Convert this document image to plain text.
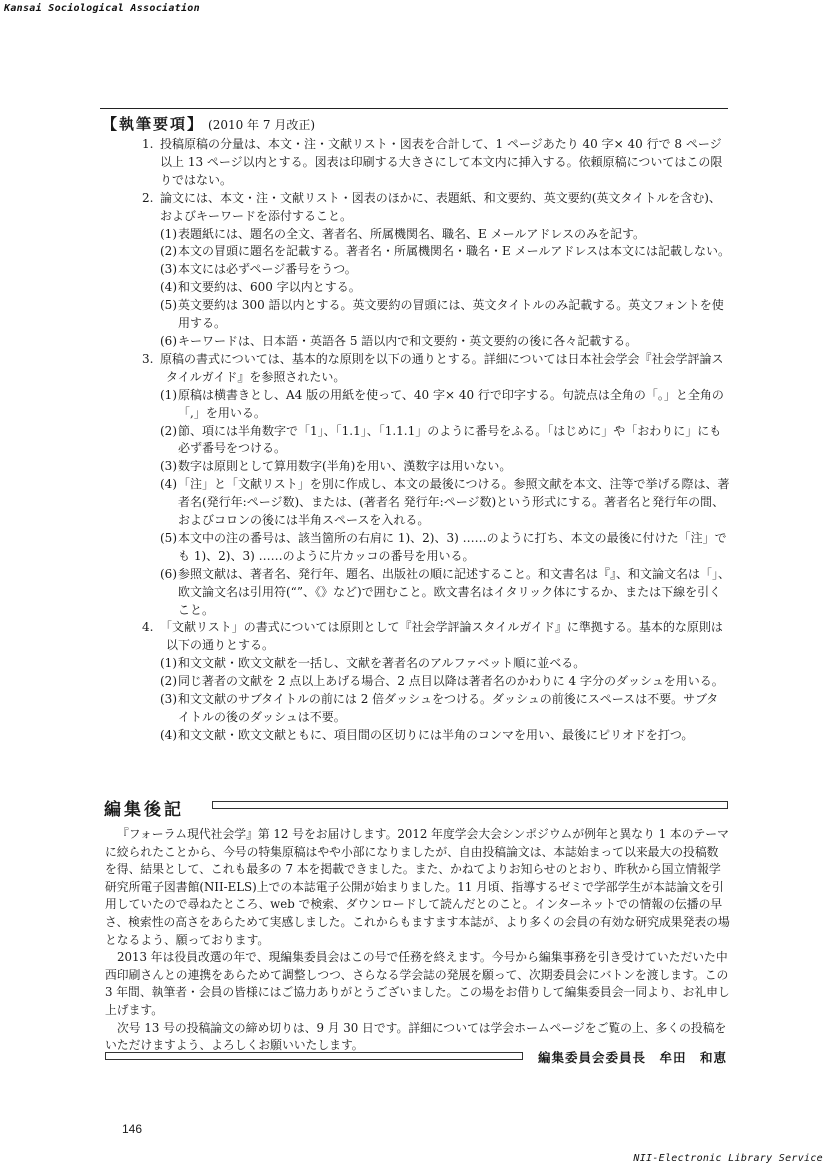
Kansai Sociological Association
【執筆要項】 (2010 年 7 月改正)
1. 投稿原稿の分量は、本文・注・文献リスト・図表を合計して、1 ページあたり 40 字× 40 行で 8 ページ以上 13 ページ以内とする。図表は印刷する大きさにして本文内に挿入する。依頼原稿についてはこの限りではない。
2. 論文には、本文・注・文献リスト・図表のほかに、表題紙、和文要約、英文要約(英文タイトルを含む)、およびキーワードを添付すること。
(1)表題紙には、題名の全文、著者名、所属機関名、職名、E メールアドレスのみを記す。
(2)本文の冒頭に題名を記載する。著者名・所属機関名・職名・E メールアドレスは本文には記載しない。
(3)本文には必ずページ番号をうつ。
(4)和文要約は、600 字以内とする。
(5)英文要約は 300 語以内とする。英文要約の冒頭には、英文タイトルのみ記載する。英文フォントを使用する。
(6)キーワードは、日本語・英語各 5 語以内で和文要約・英文要約の後に各々記載する。
3. 原稿の書式については、基本的な原則を以下の通りとする。詳細については日本社会学会『社会学評論スタイルガイド』を参照されたい。
(1)原稿は横書きとし、A4 版の用紙を使って、40 字× 40 行で印字する。句読点は全角の「。」と全角の「,」を用いる。
(2)節、項には半角数字で「1」、「1.1」、「1.1.1」のように番号をふる。「はじめに」や「おわりに」にも必ず番号をつける。
(3)数字は原則として算用数字(半角)を用い、漢数字は用いない。
(4)「注」と「文献リスト」を別に作成し、本文の最後につける。参照文献を本文、注等で挙げる際は、著者名(発行年:ページ数)、または、(著者名 発行年:ページ数)という形式にする。著者名と発行年の間、およびコロンの後には半角スペースを入れる。
(5)本文中の注の番号は、該当箇所の右肩に 1)、2)、3) ……のように打ち、本文の最後に付けた「注」でも 1)、2)、3) ……のように片カッコの番号を用いる。
(6)参照文献は、著者名、発行年、題名、出版社の順に記述すること。和文書名は『』、和文論文名は「」、欧文論文名は引用符(“”、《》など)で囲むこと。欧文書名はイタリック体にするか、または下線を引くこと。
4. 「文献リスト」の書式については原則として『社会学評論スタイルガイド』に準拠する。基本的な原則は以下の通りとする。
(1)和文文献・欧文文献を一括し、文献を著者名のアルファベット順に並べる。
(2)同じ著者の文献を 2 点以上あげる場合、2 点目以降は著者名のかわりに 4 字分のダッシュを用いる。
(3)和文文献のサブタイトルの前には 2 倍ダッシュをつける。ダッシュの前後にスペースは不要。サブタイトルの後のダッシュは不要。
(4)和文文献・欧文文献ともに、項目間の区切りには半角のコンマを用い、最後にピリオドを打つ。
編集後記

『フォーラム現代社会学』第 12 号をお届けします。2012 年度学会大会シンポジウムが例年と異なり 1 本のテーマに絞られたことから、今号の特集原稿はやや小部になりましたが、自由投稿論文は、本誌始まって以来最大の投稿数を得、結果として、これも最多の 7 本を掲載できました。また、かねてよりお知らせのとおり、昨秋から国立情報学研究所電子図書館(NII-ELS)上での本誌電子公開が始まりました。11 月頃、指導するゼミで学部学生が本誌論文を引用していたので尋ねたところ、web で検索、ダウンロードして読んだとのこと。インターネットでの情報の伝播の早さ、検索性の高さをあらためて実感しました。これからもますます本誌が、より多くの会員の有効な研究成果発表の場となるよう、願っております。

2013 年は役員改選の年で、現編集委員会はこの号で任務を終えます。今号から編集事務を引き受けていただいた中西印刷さんとの連携をあらためて調整しつつ、さらなる学会誌の発展を願って、次期委員会にバトンを渡します。この 3 年間、執筆者・会員の皆様にはご協力ありがとうございました。この場をお借りして編集委員会一同より、お礼申し上げます。

次号 13 号の投稿論文の締め切りは、9 月 30 日です。詳細については学会ホームページをご覧の上、多くの投稿をいただけますよう、よろしくお願いいたします。

編集委員会委員長　牟田　和恵
146
NII-Electronic Library Service
